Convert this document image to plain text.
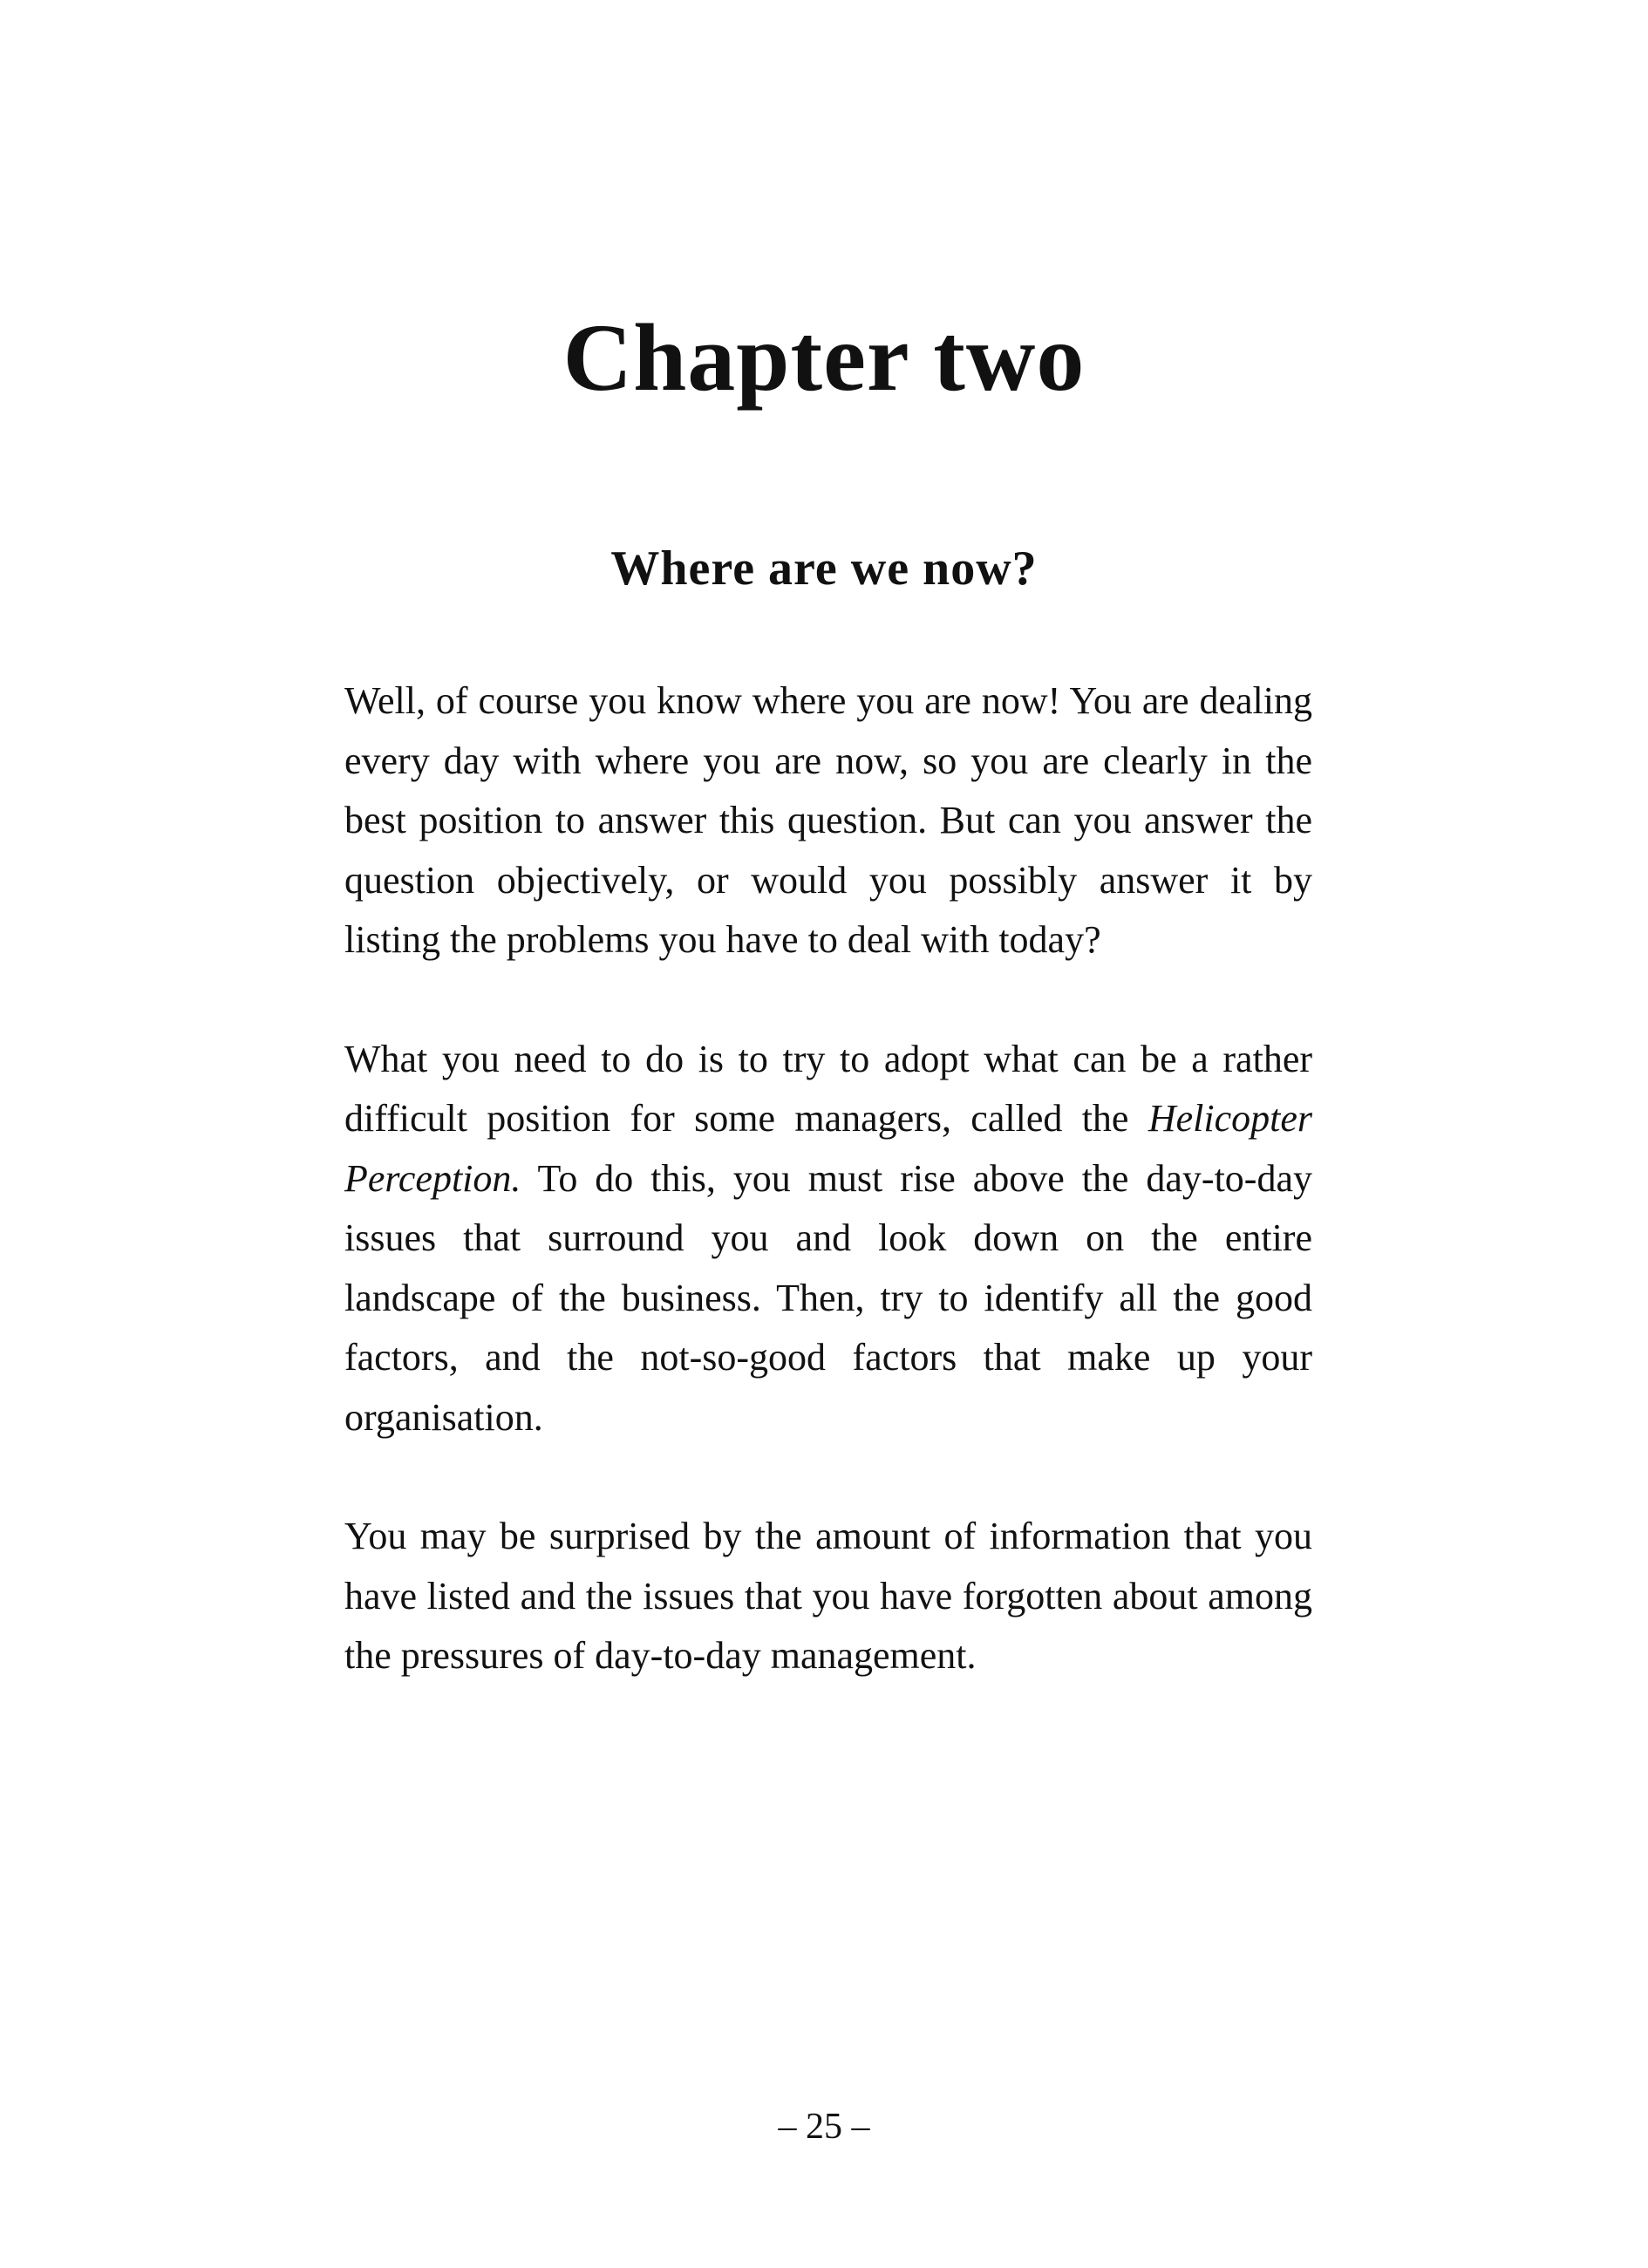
Chapter two
Where are we now?

Well, of course you know where you are now! You are dealing every day with where you are now, so you are clearly in the best position to answer this question. But can you answer the question objectively, or would you possibly answer it by listing the problems you have to deal with today?

What you need to do is to try to adopt what can be a rather difficult position for some managers, called the Helicopter Perception. To do this, you must rise above the day-to-day issues that surround you and look down on the entire landscape of the business. Then, try to identify all the good factors, and the not-so-good factors that make up your organisation.

You may be surprised by the amount of information that you have listed and the issues that you have forgotten about among the pressures of day-to-day management.

– 25 –
